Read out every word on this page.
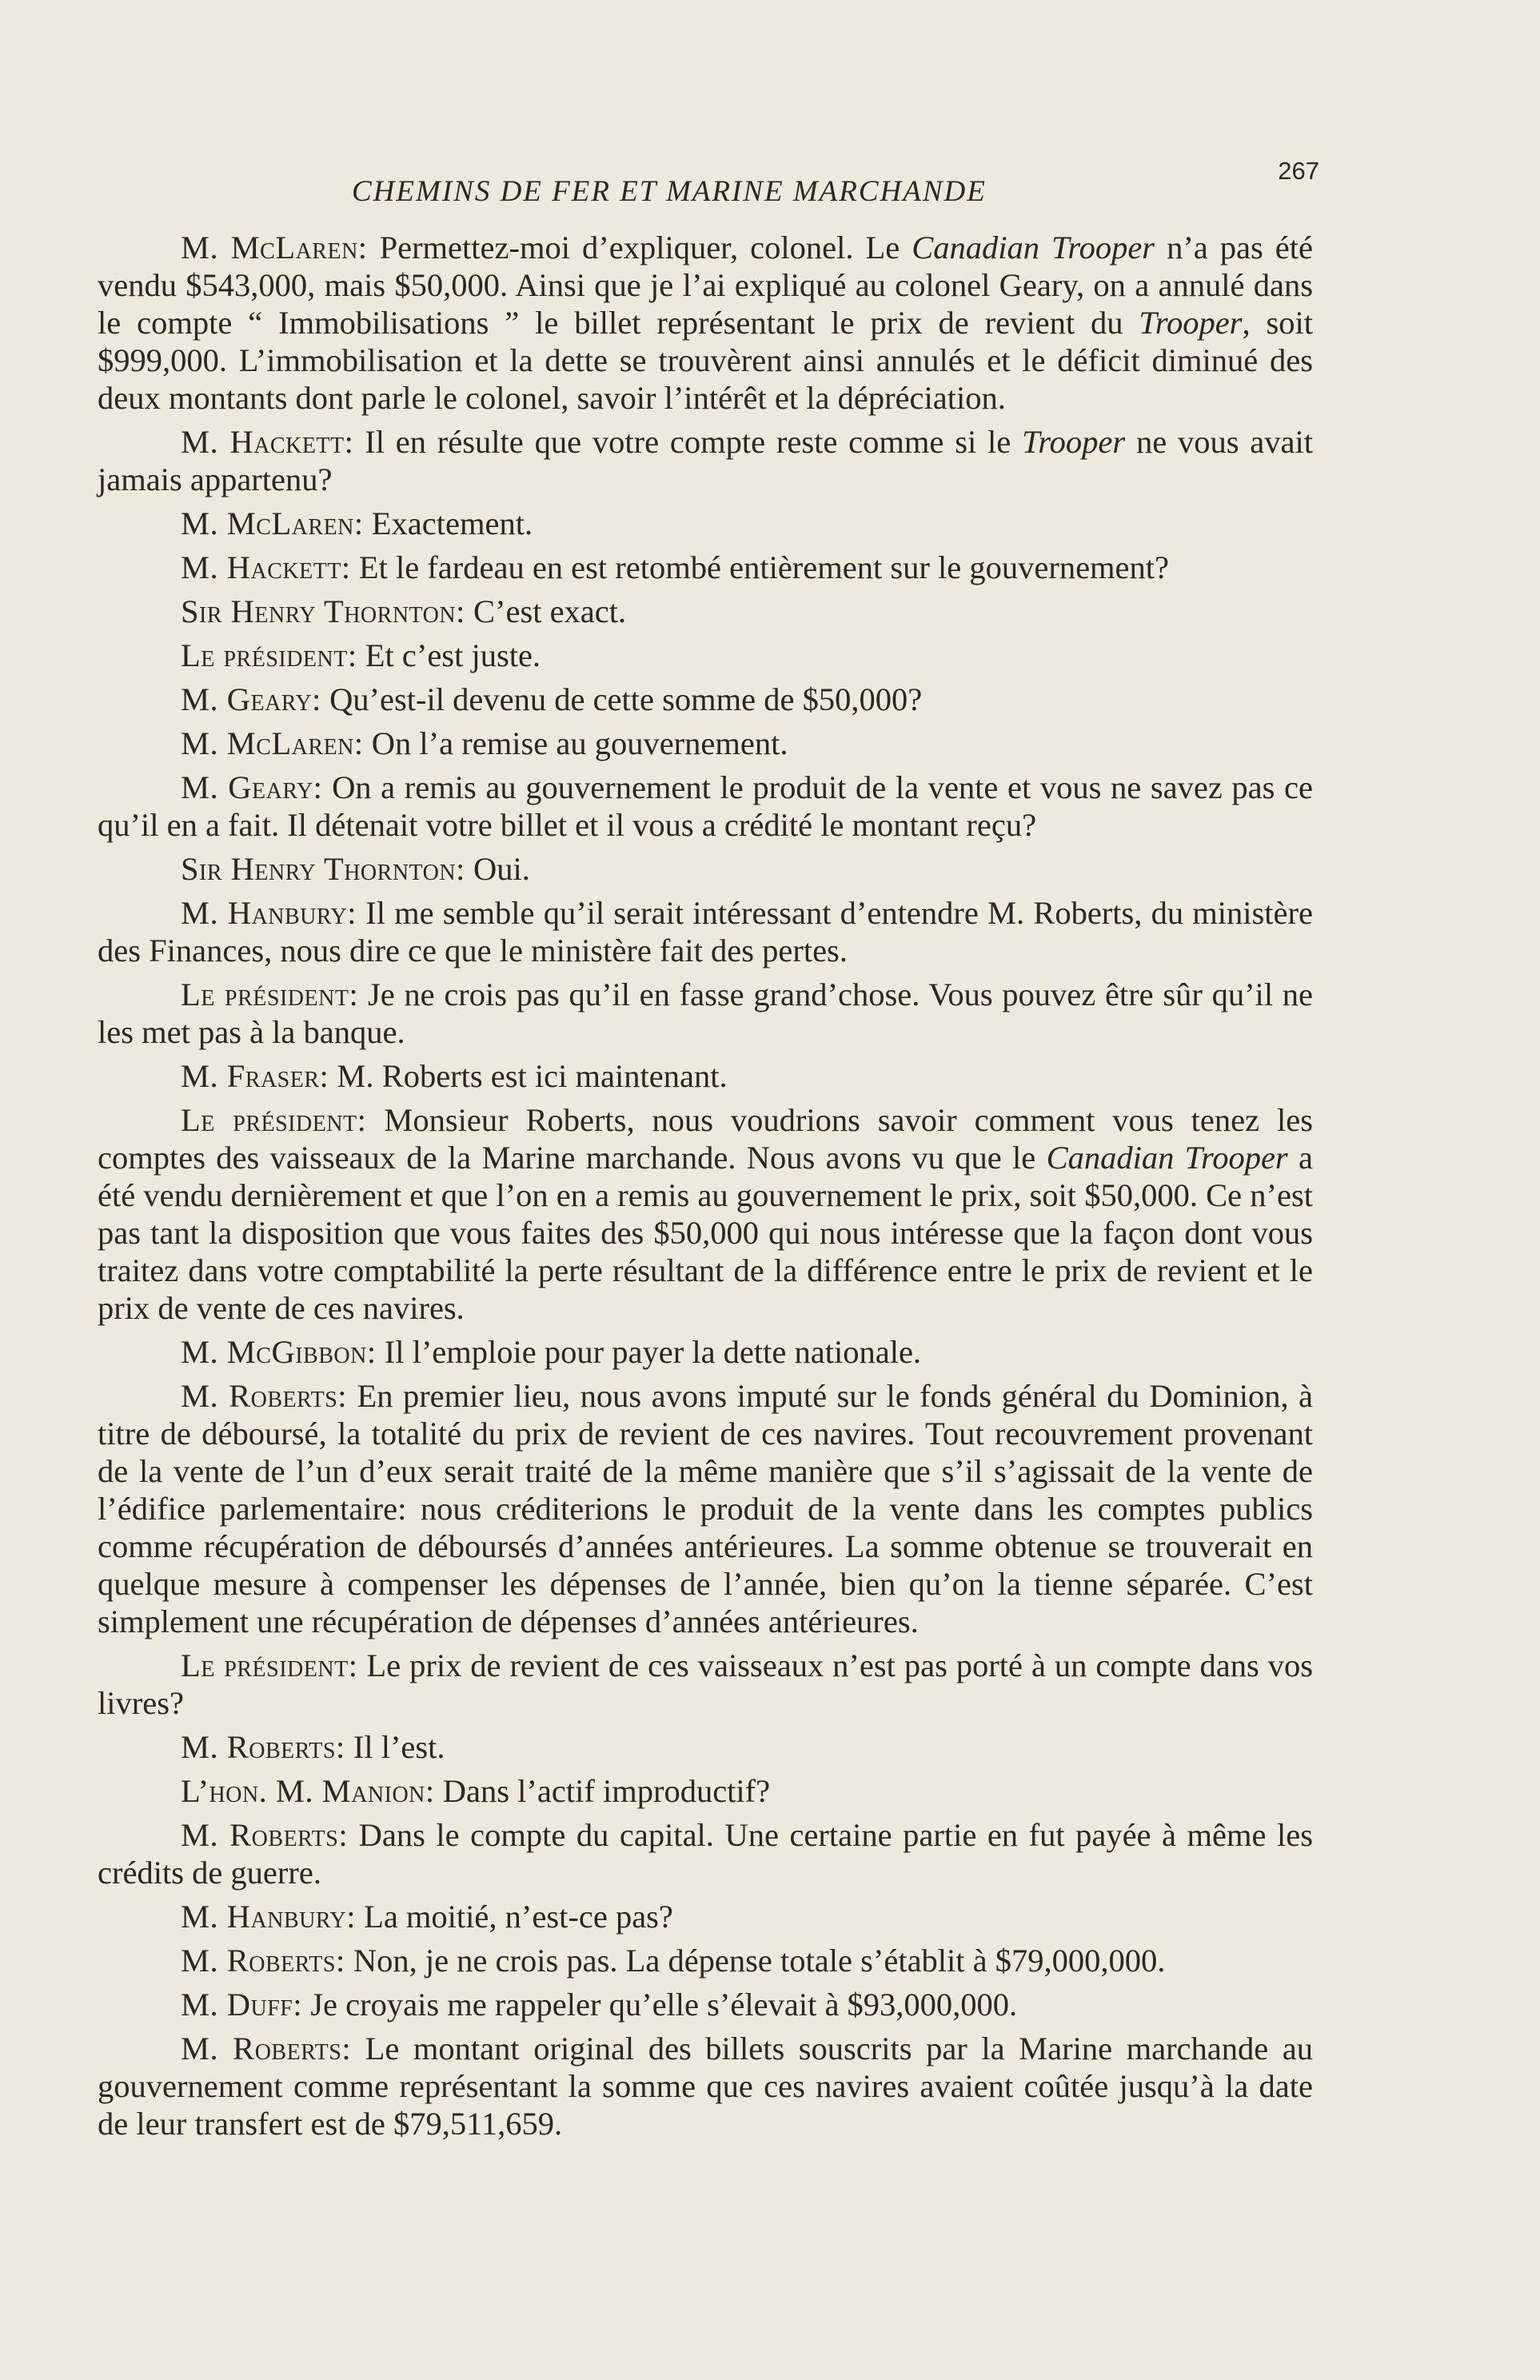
CHEMINS DE FER ET MARINE MARCHANDE
267

M. McLaren: Permettez-moi d’expliquer, colonel. Le Canadian Trooper n’a pas été vendu $543,000, mais $50,000. Ainsi que je l’ai expliqué au colonel Geary, on a annulé dans le compte “ Immobilisations ” le billet représentant le prix de revient du Trooper, soit $999,000. L’immobilisation et la dette se trouvèrent ainsi annulés et le déficit diminué des deux montants dont parle le colonel, savoir l’intérêt et la dépréciation.

M. Hackett: Il en résulte que votre compte reste comme si le Trooper ne vous avait jamais appartenu?

M. McLaren: Exactement.

M. Hackett: Et le fardeau en est retombé entièrement sur le gouvernement?

Sir Henry Thornton: C’est exact.

Le président: Et c’est juste.

M. Geary: Qu’est-il devenu de cette somme de $50,000?

M. McLaren: On l’a remise au gouvernement.

M. Geary: On a remis au gouvernement le produit de la vente et vous ne savez pas ce qu’il en a fait. Il détenait votre billet et il vous a crédité le montant reçu?

Sir Henry Thornton: Oui.

M. Hanbury: Il me semble qu’il serait intéressant d’entendre M. Roberts, du ministère des Finances, nous dire ce que le ministère fait des pertes.

Le président: Je ne crois pas qu’il en fasse grand’chose. Vous pouvez être sûr qu’il ne les met pas à la banque.

M. Fraser: M. Roberts est ici maintenant.

Le président: Monsieur Roberts, nous voudrions savoir comment vous tenez les comptes des vaisseaux de la Marine marchande. Nous avons vu que le Canadian Trooper a été vendu dernièrement et que l’on en a remis au gouvernement le prix, soit $50,000. Ce n’est pas tant la disposition que vous faites des $50,000 qui nous intéresse que la façon dont vous traitez dans votre comptabilité la perte résultant de la différence entre le prix de revient et le prix de vente de ces navires.

M. McGibbon: Il l’emploie pour payer la dette nationale.

M. Roberts: En premier lieu, nous avons imputé sur le fonds général du Dominion, à titre de déboursé, la totalité du prix de revient de ces navires. Tout recouvrement provenant de la vente de l’un d’eux serait traité de la même manière que s’il s’agissait de la vente de l’édifice parlementaire: nous créditerions le produit de la vente dans les comptes publics comme récupération de déboursés d’années antérieures. La somme obtenue se trouverait en quelque mesure à compenser les dépenses de l’année, bien qu’on la tienne séparée. C’est simplement une récupération de dépenses d’années antérieures.

Le président: Le prix de revient de ces vaisseaux n’est pas porté à un compte dans vos livres?

M. Roberts: Il l’est.

L’hon. M. Manion: Dans l’actif improductif?

M. Roberts: Dans le compte du capital. Une certaine partie en fut payée à même les crédits de guerre.

M. Hanbury: La moitié, n’est-ce pas?

M. Roberts: Non, je ne crois pas. La dépense totale s’établit à $79,000,000.

M. Duff: Je croyais me rappeler qu’elle s’élevait à $93,000,000.

M. Roberts: Le montant original des billets souscrits par la Marine marchande au gouvernement comme représentant la somme que ces navires avaient coûtée jusqu’à la date de leur transfert est de $79,511,659.
